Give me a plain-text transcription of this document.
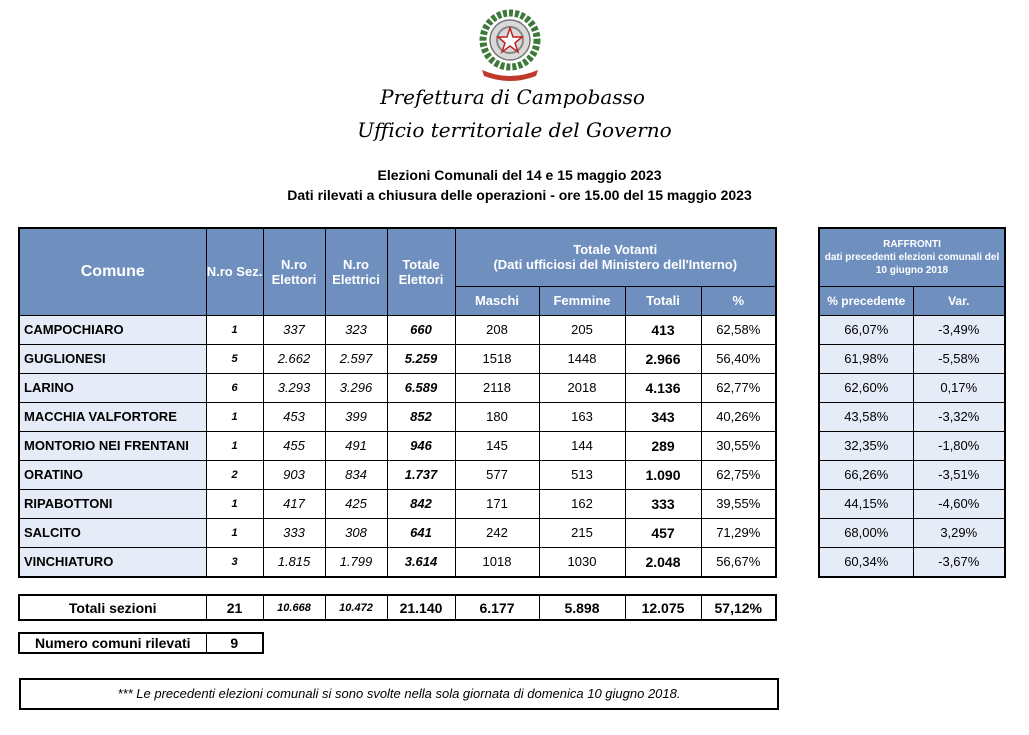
Prefettura di Campobasso
Ufficio territoriale del Governo
Elezioni Comunali del 14 e 15 maggio 2023
Dati rilevati a chiusura delle operazioni - ore 15.00 del 15 maggio 2023
Comune	N.ro Sez.	N.ro Elettori	N.ro Elettrici	Totale Elettori	Totale Votanti
(Dati ufficiosi del Ministero dell'Interno)			

					Maschi	Femmine	Totali	%
CAMPOCHIARO	1	337	323	660	208	205	413	62,58%
GUGLIONESI	5	2.662	2.597	5.259	1518	1448	2.966	56,40%
LARINO	6	3.293	3.296	6.589	2118	2018	4.136	62,77%
MACCHIA VALFORTORE	1	453	399	852	180	163	343	40,26%
MONTORIO NEI FRENTANI	1	455	491	946	145	144	289	30,55%
ORATINO	2	903	834	1.737	577	513	1.090	62,75%
RIPABOTTONI	1	417	425	842	171	162	333	39,55%
SALCITO	1	333	308	641	242	215	457	71,29%
VINCHIATURO	3	1.815	1.799	3.614	1018	1030	2.048	56,67%
RAFFRONTI
dati precedenti elezioni comunali del 10 giugno 2018	

% precedente	Var.
66,07%	-3,49%
61,98%	-5,58%
62,60%	0,17%
43,58%	-3,32%
32,35%	-1,80%
66,26%	-3,51%
44,15%	-4,60%
68,00%	3,29%
60,34%	-3,67%
Totali sezioni	21	10.668	10.472	21.140	6.177	5.898	12.075	57,12%
Numero comuni rilevati	9
*** Le precedenti elezioni comunali si sono svolte nella sola giornata di domenica 10 giugno 2018.
